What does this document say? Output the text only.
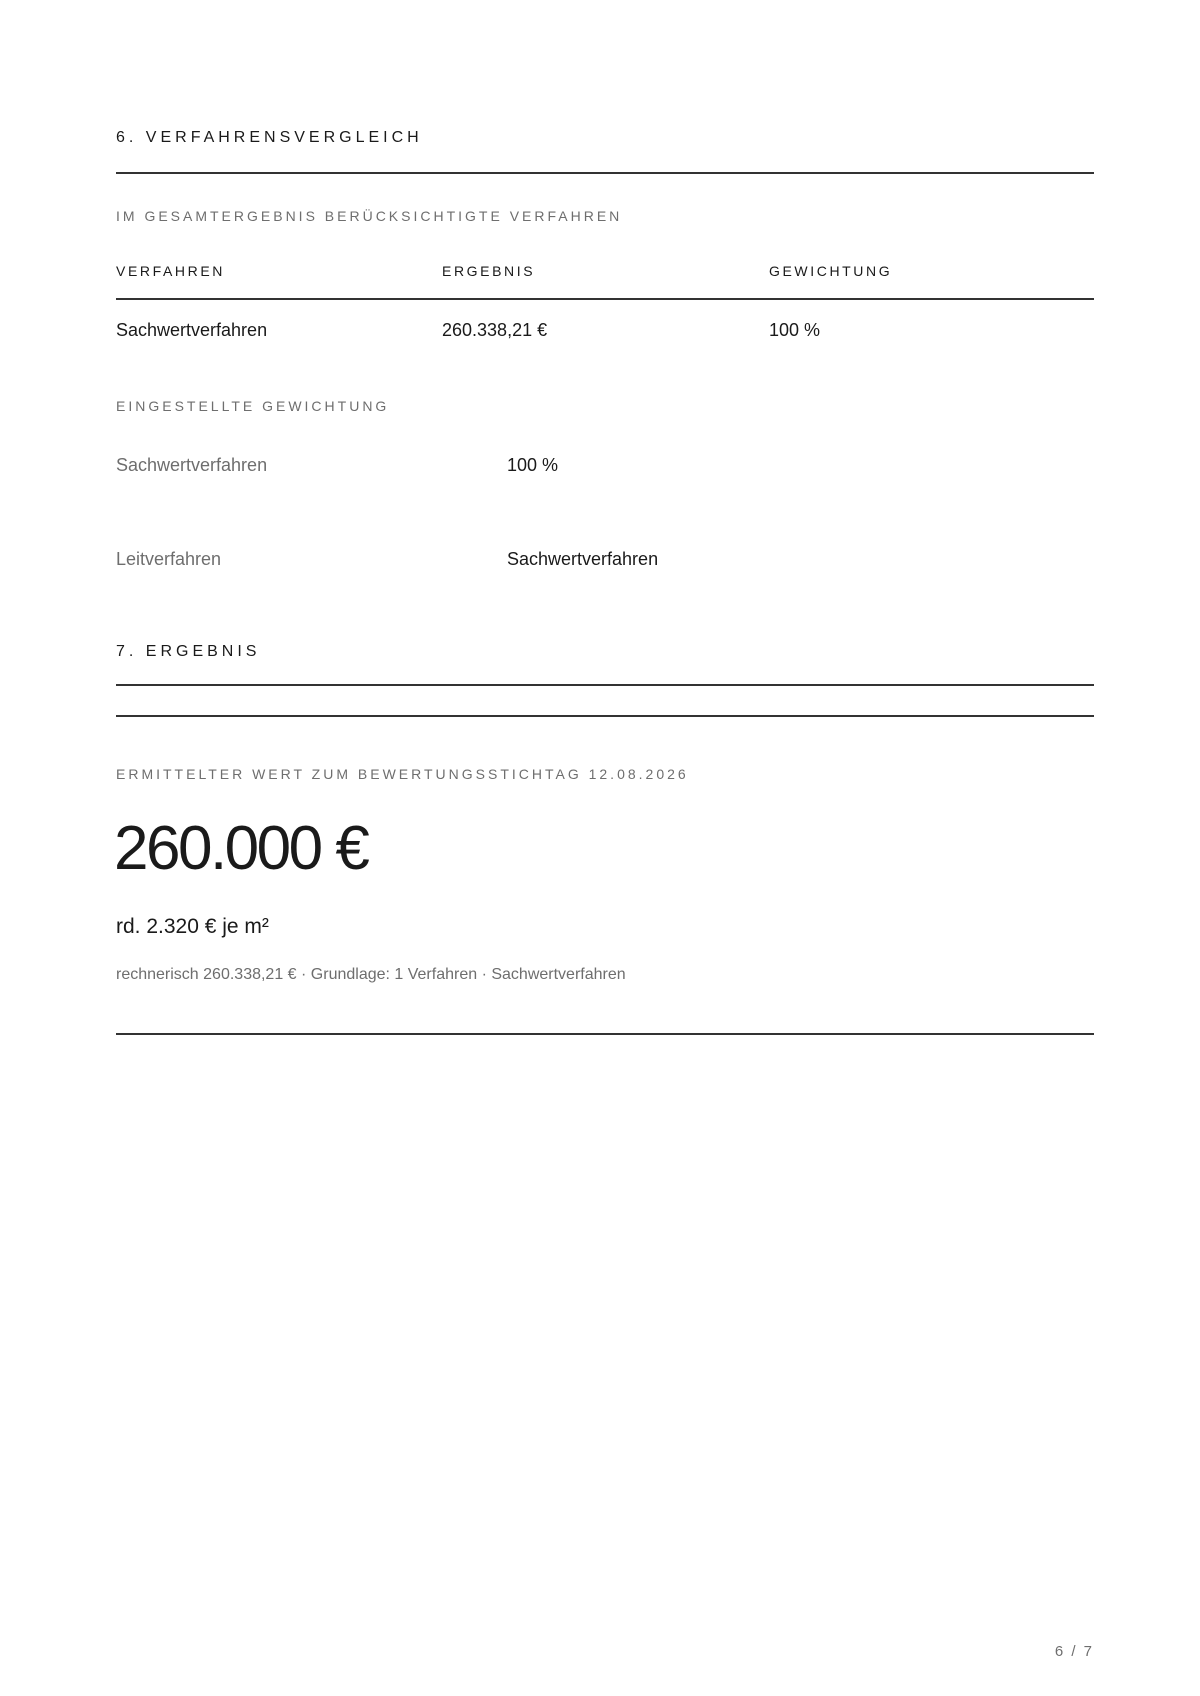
6. VERFAHRENSVERGLEICH
IM GESAMTERGEBNIS BERÜCKSICHTIGTE VERFAHREN
VERFAHREN	ERGEBNIS	GEWICHTUNG
Sachwertverfahren	260.338,21 €	100 %
EINGESTELLTE GEWICHTUNG
Sachwertverfahren	100 %
Leitverfahren	Sachwertverfahren
7. ERGEBNIS
ERMITTELTER WERT ZUM BEWERTUNGSSTICHTAG 12.08.2026
260.000 €
rd. 2.320 € je m²
rechnerisch 260.338,21 € · Grundlage: 1 Verfahren · Sachwertverfahren
6 / 7
